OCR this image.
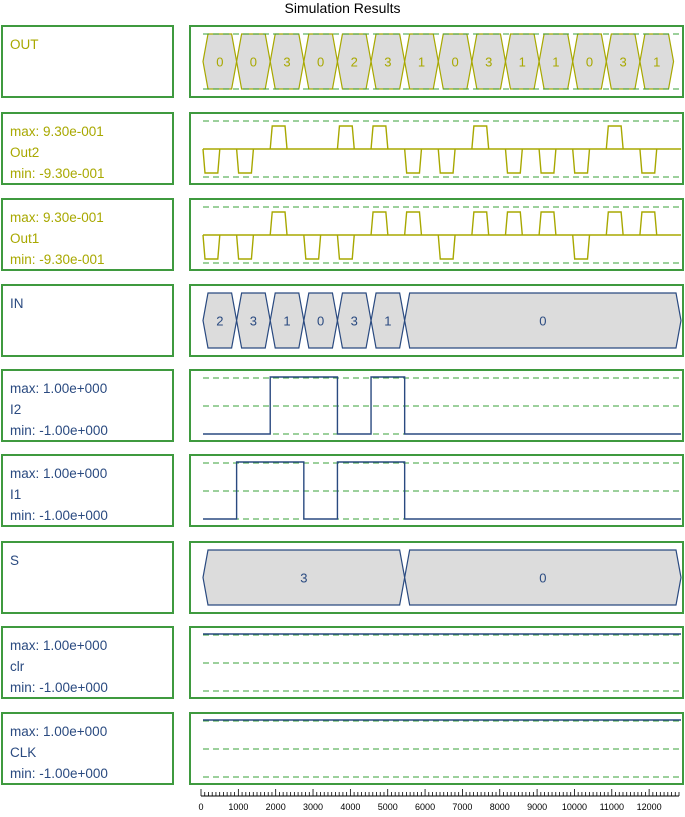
Simulation Results
OUT
0 0 3 0 2 3 1 0 3 1 1 0 3 1
max: 9.30e-001
Out2
min: -9.30e-001
max: 9.30e-001
Out1
min: -9.30e-001
IN
2 3 1 0 3 1	0
max: 1.00e+000
I2
min: -1.00e+000
max: 1.00e+000
I1
min: -1.00e+000
S
3	0
max: 1.00e+000
clr
min: -1.00e+000
max: 1.00e+000
CLK
min: -1.00e+000
0	1000 2000 3000 4000 5000 6000 7000 8000 9000 10000 11000 12000
